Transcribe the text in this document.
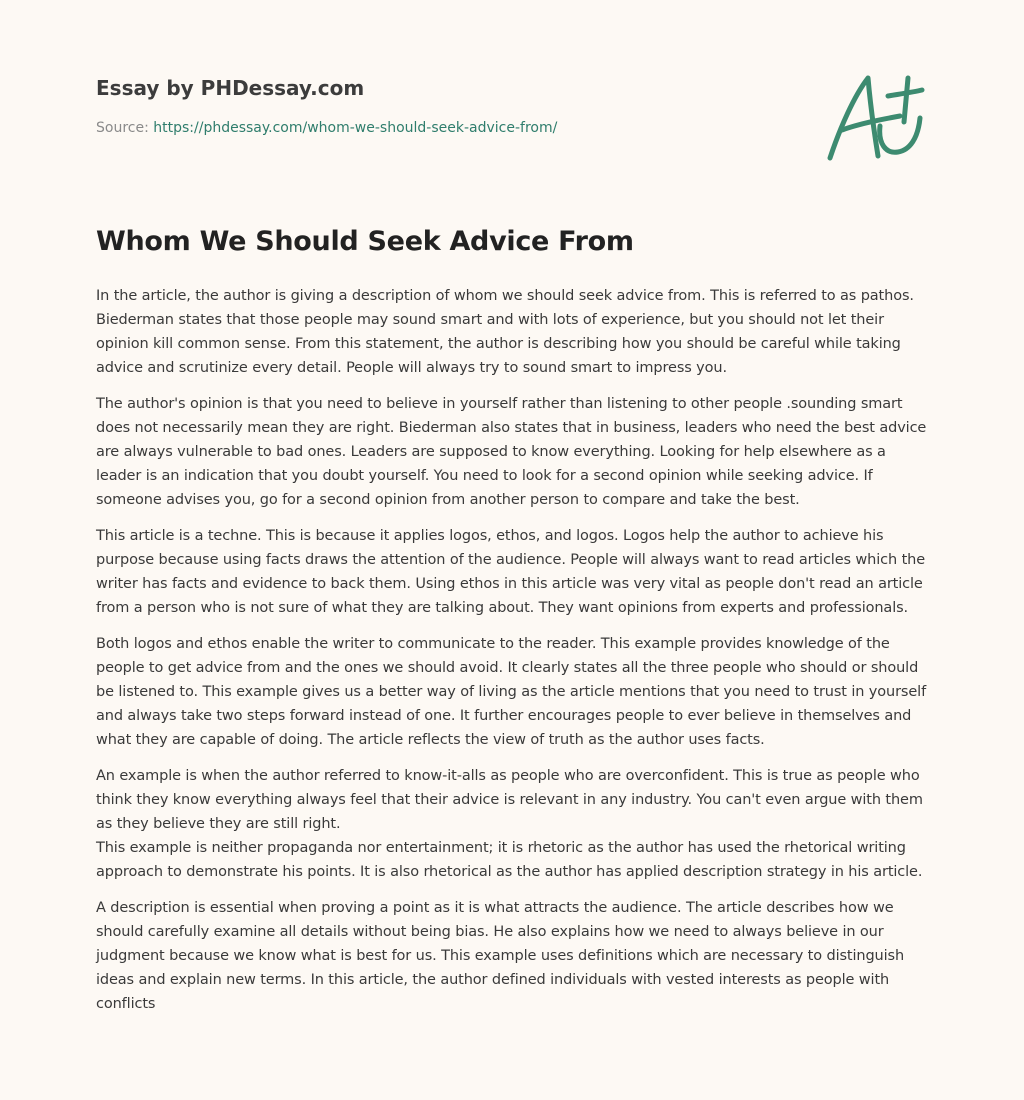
Essay by PHDessay.com
Source: https://phdessay.com/whom-we-should-seek-advice-from/
Whom We Should Seek Advice From

In the article, the author is giving a description of whom we should seek advice from. This is referred to as pathos. Biederman states that those people may sound smart and with lots of experience, but you should not let their opinion kill common sense. From this statement, the author is describing how you should be careful while taking advice and scrutinize every detail. People will always try to sound smart to impress you.

The author's opinion is that you need to believe in yourself rather than listening to other people .sounding smart does not necessarily mean they are right. Biederman also states that in business, leaders who need the best advice are always vulnerable to bad ones. Leaders are supposed to know everything. Looking for help elsewhere as a leader is an indication that you doubt yourself. You need to look for a second opinion while seeking advice. If someone advises you, go for a second opinion from another person to compare and take the best.

This article is a techne. This is because it applies logos, ethos, and logos. Logos help the author to achieve his purpose because using facts draws the attention of the audience. People will always want to read articles which the writer has facts and evidence to back them. Using ethos in this article was very vital as people don't read an article from a person who is not sure of what they are talking about. They want opinions from experts and professionals.

Both logos and ethos enable the writer to communicate to the reader. This example provides knowledge of the people to get advice from and the ones we should avoid. It clearly states all the three people who should or should be listened to. This example gives us a better way of living as the article mentions that you need to trust in yourself and always take two steps forward instead of one. It further encourages people to ever believe in themselves and what they are capable of doing. The article reflects the view of truth as the author uses facts.

An example is when the author referred to know-it-alls as people who are overconfident. This is true as people who think they know everything always feel that their advice is relevant in any industry. You can't even argue with them as they believe they are still right.
This example is neither propaganda nor entertainment; it is rhetoric as the author has used the rhetorical writing approach to demonstrate his points. It is also rhetorical as the author has applied description strategy in his article.

A description is essential when proving a point as it is what attracts the audience. The article describes how we should carefully examine all details without being bias. He also explains how we need to always believe in our judgment because we know what is best for us. This example uses definitions which are necessary to distinguish ideas and explain new terms. In this article, the author defined individuals with vested interests as people with conflicts
